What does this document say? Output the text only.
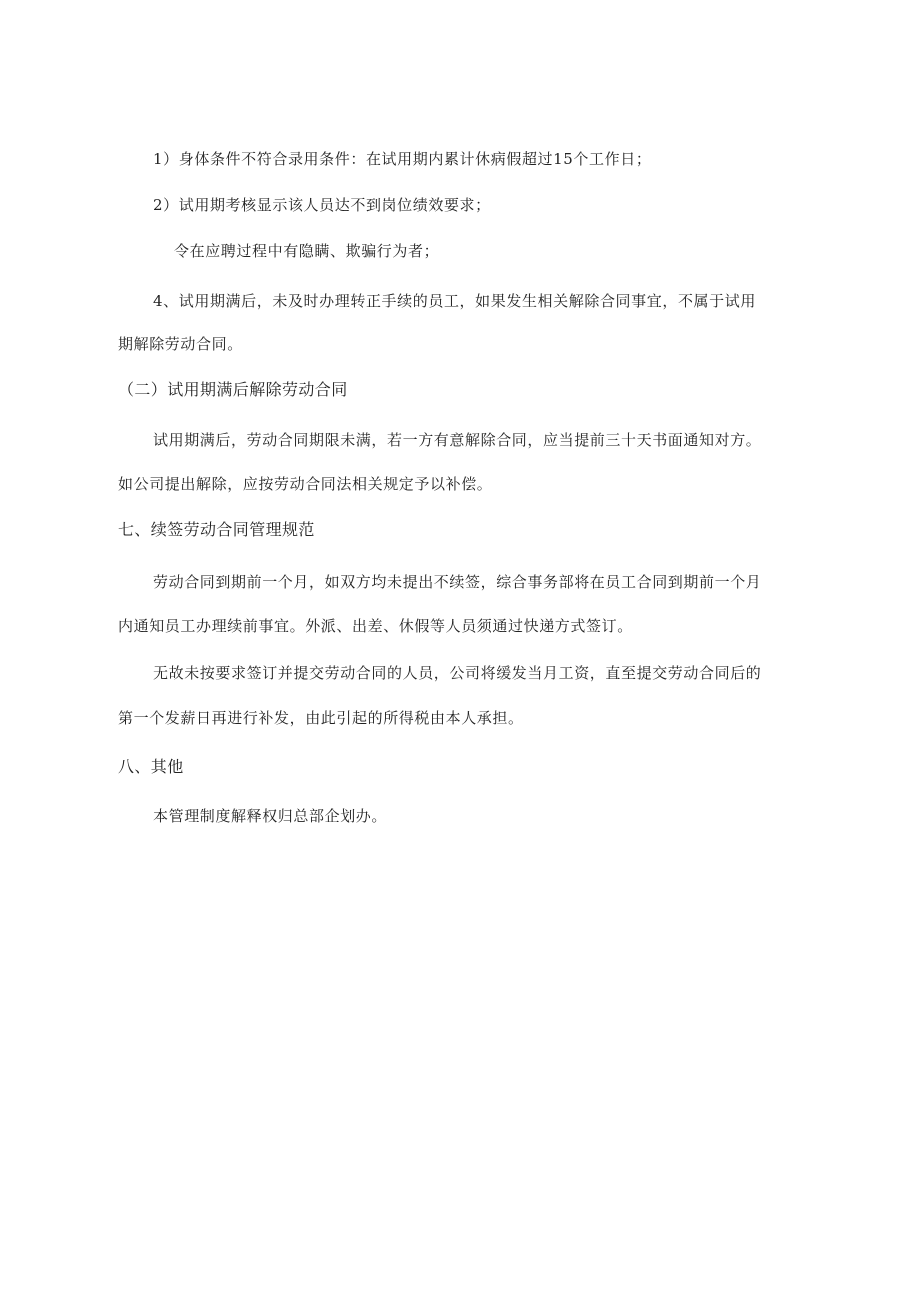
1）身体条件不符合录用条件：在试用期内累计休病假超过15个工作日；
2）试用期考核显示该人员达不到岗位绩效要求；
令在应聘过程中有隐瞒、欺骗行为者；
4、试用期满后，未及时办理转正手续的员工，如果发生相关解除合同事宜，不属于试用
期解除劳动合同。
（二）试用期满后解除劳动合同
试用期满后，劳动合同期限未满，若一方有意解除合同，应当提前三十天书面通知对方。
如公司提出解除，应按劳动合同法相关规定予以补偿。
七、续签劳动合同管理规范
劳动合同到期前一个月，如双方均未提出不续签，综合事务部将在员工合同到期前一个月
内通知员工办理续前事宜。外派、出差、休假等人员须通过快递方式签订。
无故未按要求签订并提交劳动合同的人员，公司将缓发当月工资，直至提交劳动合同后的
第一个发薪日再进行补发，由此引起的所得税由本人承担。
八、其他
本管理制度解释权归总部企划办。
